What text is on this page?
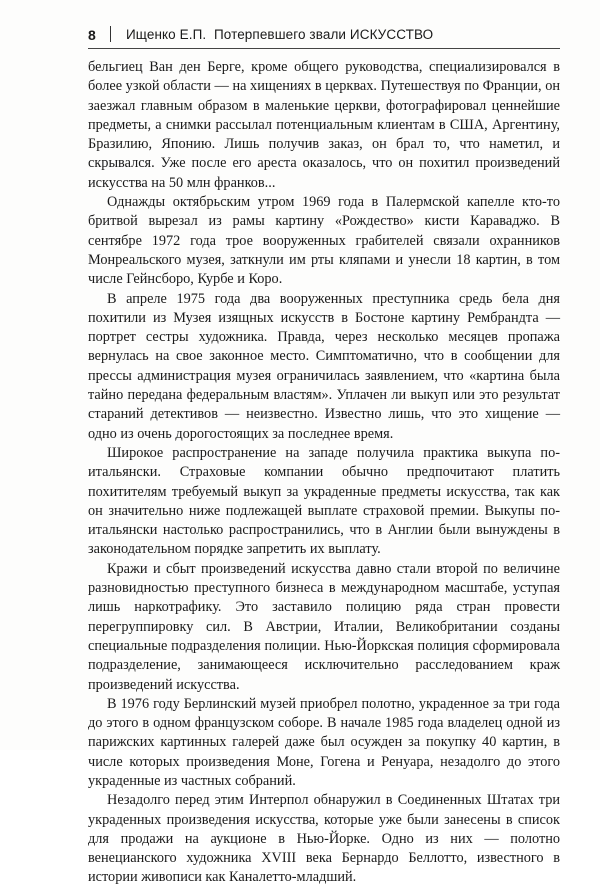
8 Ищенко Е.П.  Потерпевшего звали ИСКУССТВО

бельгиец Ван ден Берге, кроме общего руководства, специализировался в более узкой области — на хищениях в церквах. Путешествуя по Франции, он заезжал главным образом в маленькие церкви, фотографировал ценнейшие предметы, а снимки рассылал потенциальным клиентам в США, Аргентину, Бразилию, Японию. Лишь получив заказ, он брал то, что наметил, и скрывался. Уже после его ареста оказалось, что он похитил произведений искусства на 50 млн франков...

Однажды октябрьским утром 1969 года в Палермской капелле кто-то бритвой вырезал из рамы картину «Рождество» кисти Караваджо. В сентябре 1972 года трое вооруженных грабителей связали охранников Монреальского музея, заткнули им рты кляпами и унесли 18 картин, в том числе Гейнсборо, Курбе и Коро.

В апреле 1975 года два вооруженных преступника средь бела дня похитили из Музея изящных искусств в Бостоне картину Рембрандта — портрет сестры художника. Правда, через несколько месяцев пропажа вернулась на свое законное место. Симптоматично, что в сообщении для прессы администрация музея ограничилась заявлением, что «картина была тайно передана федеральным властям». Уплачен ли выкуп или это результат стараний детективов — неизвестно. Известно лишь, что это хищение — одно из очень дорогостоящих за последнее время.

Широкое распространение на западе получила практика выкупа по-итальянски. Страховые компании обычно предпочитают платить похитителям требуемый выкуп за украденные предметы искусства, так как он значительно ниже подлежащей выплате страховой премии. Выкупы по-итальянски настолько распространились, что в Англии были вынуждены в законодательном порядке запретить их выплату.

Кражи и сбыт произведений искусства давно стали второй по величине разновидностью преступного бизнеса в международном масштабе, уступая лишь наркотрафику. Это заставило полицию ряда стран провести перегруппировку сил. В Австрии, Италии, Великобритании созданы специальные подразделения полиции. Нью-Йоркская полиция сформировала подразделение, занимающееся исключительно расследованием краж произведений искусства.

В 1976 году Берлинский музей приобрел полотно, украденное за три года до этого в одном французском соборе. В начале 1985 года владелец одной из парижских картинных галерей даже был осужден за покупку 40 картин, в числе которых произведения Моне, Гогена и Ренуара, незадолго до этого украденные из частных собраний.

Незадолго перед этим Интерпол обнаружил в Соединенных Штатах три украденных произведения искусства, которые уже были занесены в список для продажи на аукционе в Нью-Йорке. Одно из них — полотно венецианского художника XVIII века Бернардо Беллотто, известного в истории живописи как Каналетто-младший.
